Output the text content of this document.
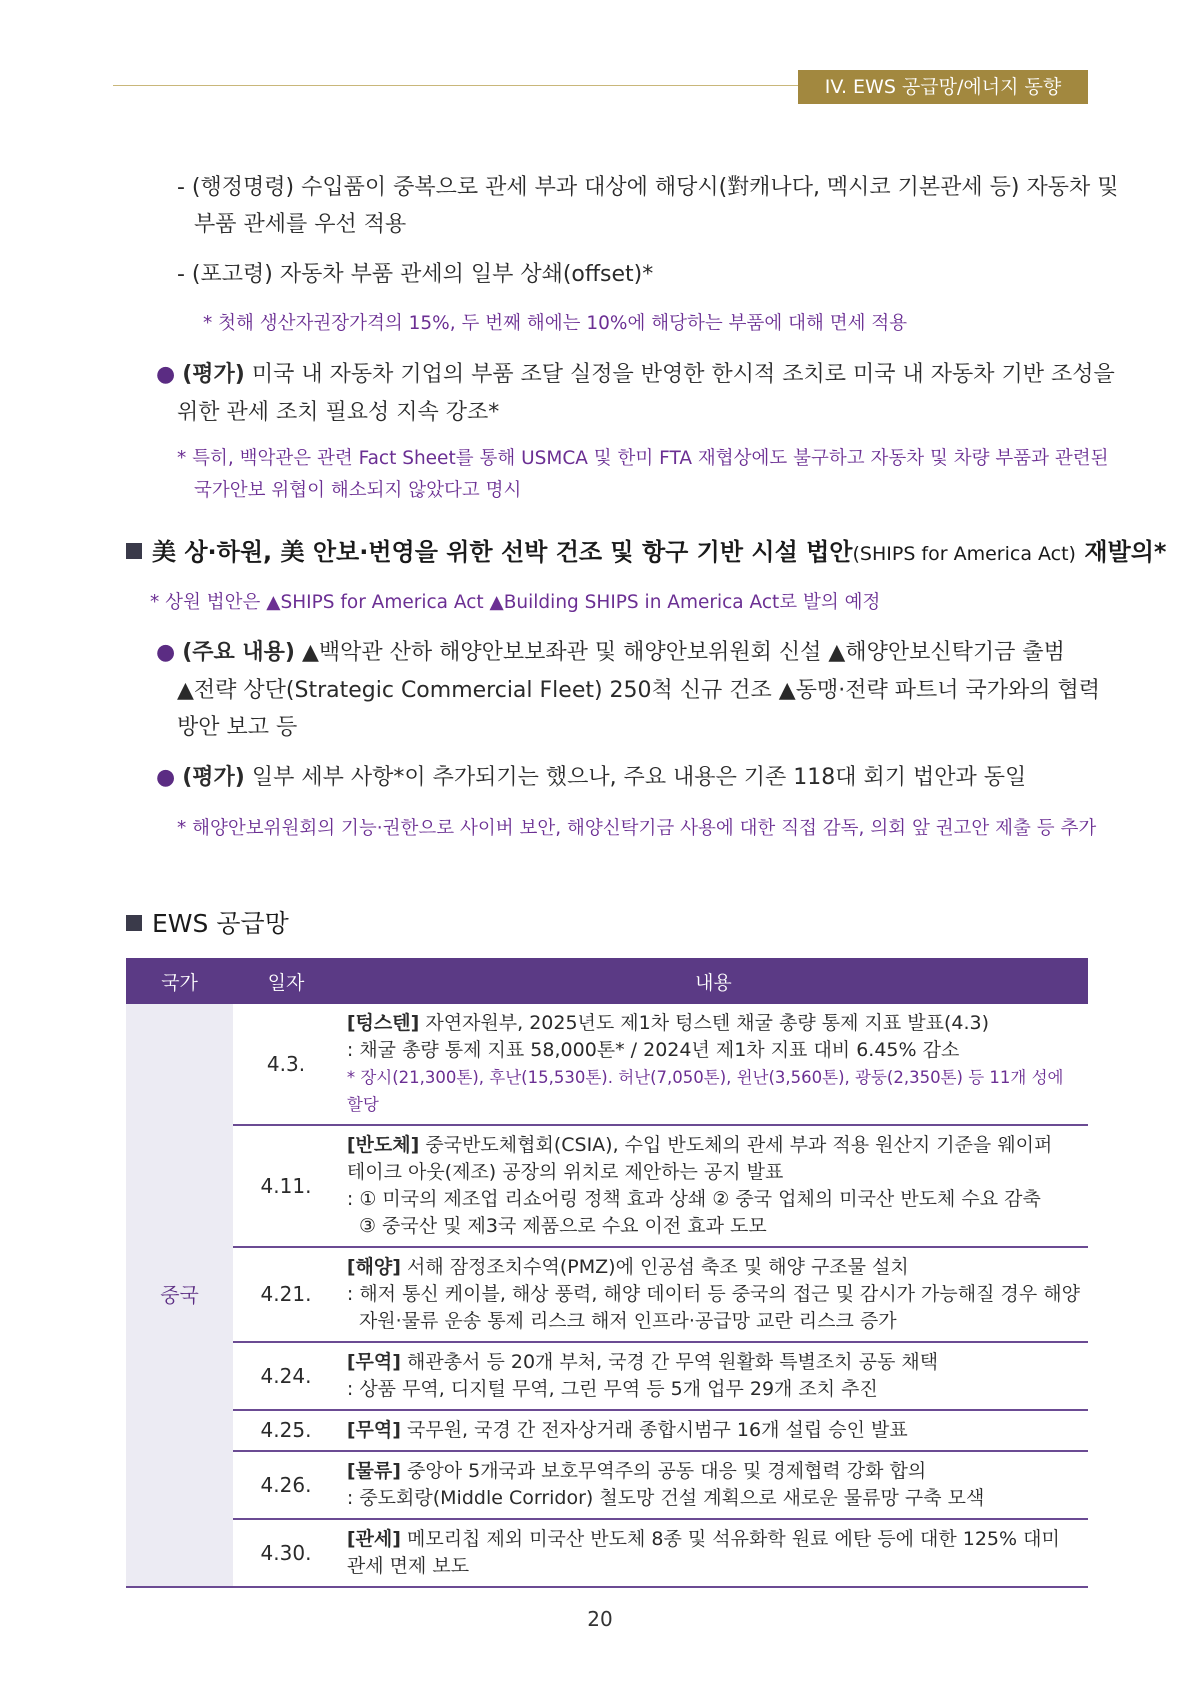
IV. EWS 공급망/에너지 동향
- (행정명령) 수입품이 중복으로 관세 부과 대상에 해당시(對캐나다, 멕시코 기본관세 등) 자동차 및
부품 관세를 우선 적용
- (포고령) 자동차 부품 관세의 일부 상쇄(offset)*
* 첫해 생산자권장가격의 15%, 두 번째 해에는 10%에 해당하는 부품에 대해 면세 적용
● (평가) 미국 내 자동차 기업의 부품 조달 실정을 반영한 한시적 조치로 미국 내 자동차 기반 조성을
위한 관세 조치 필요성 지속 강조*
* 특히, 백악관은 관련 Fact Sheet를 통해 USMCA 및 한미 FTA 재협상에도 불구하고 자동차 및 차량 부품과 관련된
국가안보 위협이 해소되지 않았다고 명시
美 상·하원, 美 안보·번영을 위한 선박 건조 및 항구 기반 시설 법안(SHIPS for America Act) 재발의*
* 상원 법안은 ▲SHIPS for America Act ▲Building SHIPS in America Act로 발의 예정
● (주요 내용) ▲백악관 산하 해양안보보좌관 및 해양안보위원회 신설 ▲해양안보신탁기금 출범
▲전략 상단(Strategic Commercial Fleet) 250척 신규 건조 ▲동맹·전략 파트너 국가와의 협력
방안 보고 등
● (평가) 일부 세부 사항*이 추가되기는 했으나, 주요 내용은 기존 118대 회기 법안과 동일
* 해양안보위원회의 기능·권한으로 사이버 보안, 해양신탁기금 사용에 대한 직접 감독, 의회 앞 권고안 제출 등 추가
EWS 공급망
국가	일자	내용
중국	4.3.	[텅스텐] 자연자원부, 2025년도 제1차 텅스텐 채굴 총량 통제 지표 발표(4.3)
: 채굴 총량 통제 지표 58,000톤* / 2024년 제1차 지표 대비 6.45% 감소
* 장시(21,300톤), 후난(15,530톤). 허난(7,050톤), 윈난(3,560톤), 광둥(2,350톤) 등 11개 성에 할당

	4.11.	[반도체] 중국반도체협회(CSIA), 수입 반도체의 관세 부과 적용 원산지 기준을 웨이퍼
테이크 아웃(제조) 공장의 위치로 제안하는 공지 발표
: ① 미국의 제조업 리쇼어링 정책 효과 상쇄 ② 중국 업체의 미국산 반도체 수요 감축
③ 중국산 및 제3국 제품으로 수요 이전 효과 도모

	4.21.	[해양] 서해 잠정조치수역(PMZ)에 인공섬 축조 및 해양 구조물 설치
: 해저 통신 케이블, 해상 풍력, 해양 데이터 등 중국의 접근 및 감시가 가능해질 경우 해양
자원·물류 운송 통제 리스크 해저 인프라·공급망 교란 리스크 증가

	4.24.	[무역] 해관총서 등 20개 부처, 국경 간 무역 원활화 특별조치 공동 채택
: 상품 무역, 디지털 무역, 그린 무역 등 5개 업무 29개 조치 추진

	4.25.	[무역] 국무원, 국경 간 전자상거래 종합시범구 16개 설립 승인 발표

	4.26.	[물류] 중앙아 5개국과 보호무역주의 공동 대응 및 경제협력 강화 합의
: 중도회랑(Middle Corridor) 철도망 건설 계획으로 새로운 물류망 구축 모색

	4.30.	[관세] 메모리칩 제외 미국산 반도체 8종 및 석유화학 원료 에탄 등에 대한 125% 대미
관세 면제 보도
20
